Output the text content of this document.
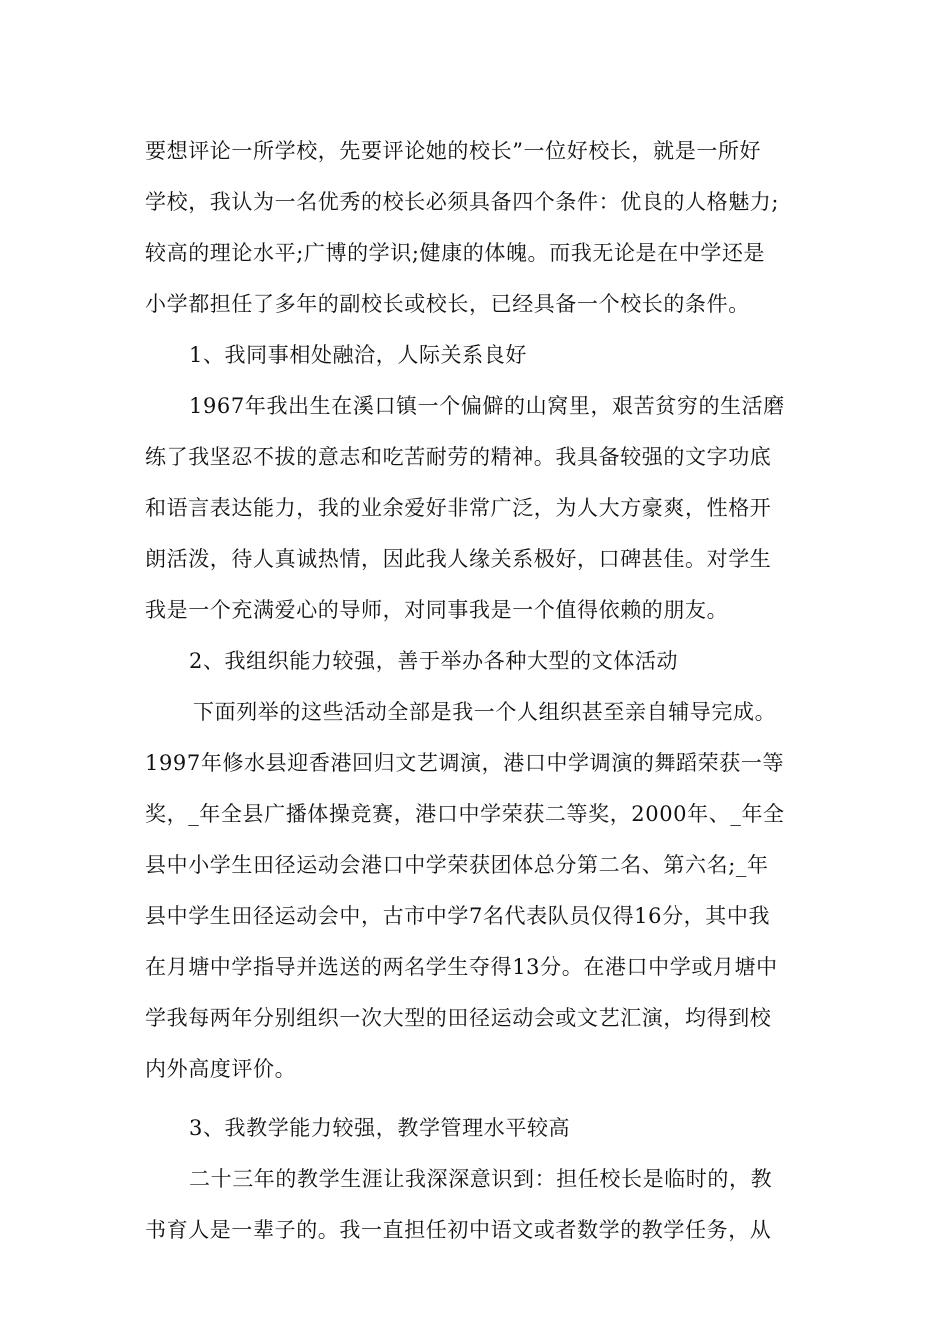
要想评论一所学校，先要评论她的校长”一位好校长，就是一所好
学校，我认为一名优秀的校长必须具备四个条件：优良的人格魅力;
较高的理论水平;广博的学识;健康的体魄。而我无论是在中学还是
小学都担任了多年的副校长或校长，已经具备一个校长的条件。
1、我同事相处融洽，人际关系良好
1967年我出生在溪口镇一个偏僻的山窝里，艰苦贫穷的生活磨
练了我坚忍不拔的意志和吃苦耐劳的精神。我具备较强的文字功底
和语言表达能力，我的业余爱好非常广泛，为人大方豪爽，性格开
朗活泼，待人真诚热情，因此我人缘关系极好，口碑甚佳。对学生
我是一个充满爱心的导师，对同事我是一个值得依赖的朋友。
2、我组织能力较强，善于举办各种大型的文体活动
下面列举的这些活动全部是我一个人组织甚至亲自辅导完成。
1997年修水县迎香港回归文艺调演，港口中学调演的舞蹈荣获一等
奖，_年全县广播体操竞赛，港口中学荣获二等奖，2000年、_年全
县中小学生田径运动会港口中学荣获团体总分第二名、第六名;_年
县中学生田径运动会中，古市中学7名代表队员仅得16分，其中我
在月塘中学指导并选送的两名学生夺得13分。在港口中学或月塘中
学我每两年分别组织一次大型的田径运动会或文艺汇演，均得到校
内外高度评价。
3、我教学能力较强，教学管理水平较高
二十三年的教学生涯让我深深意识到：担任校长是临时的，教
书育人是一辈子的。我一直担任初中语文或者数学的教学任务，从
